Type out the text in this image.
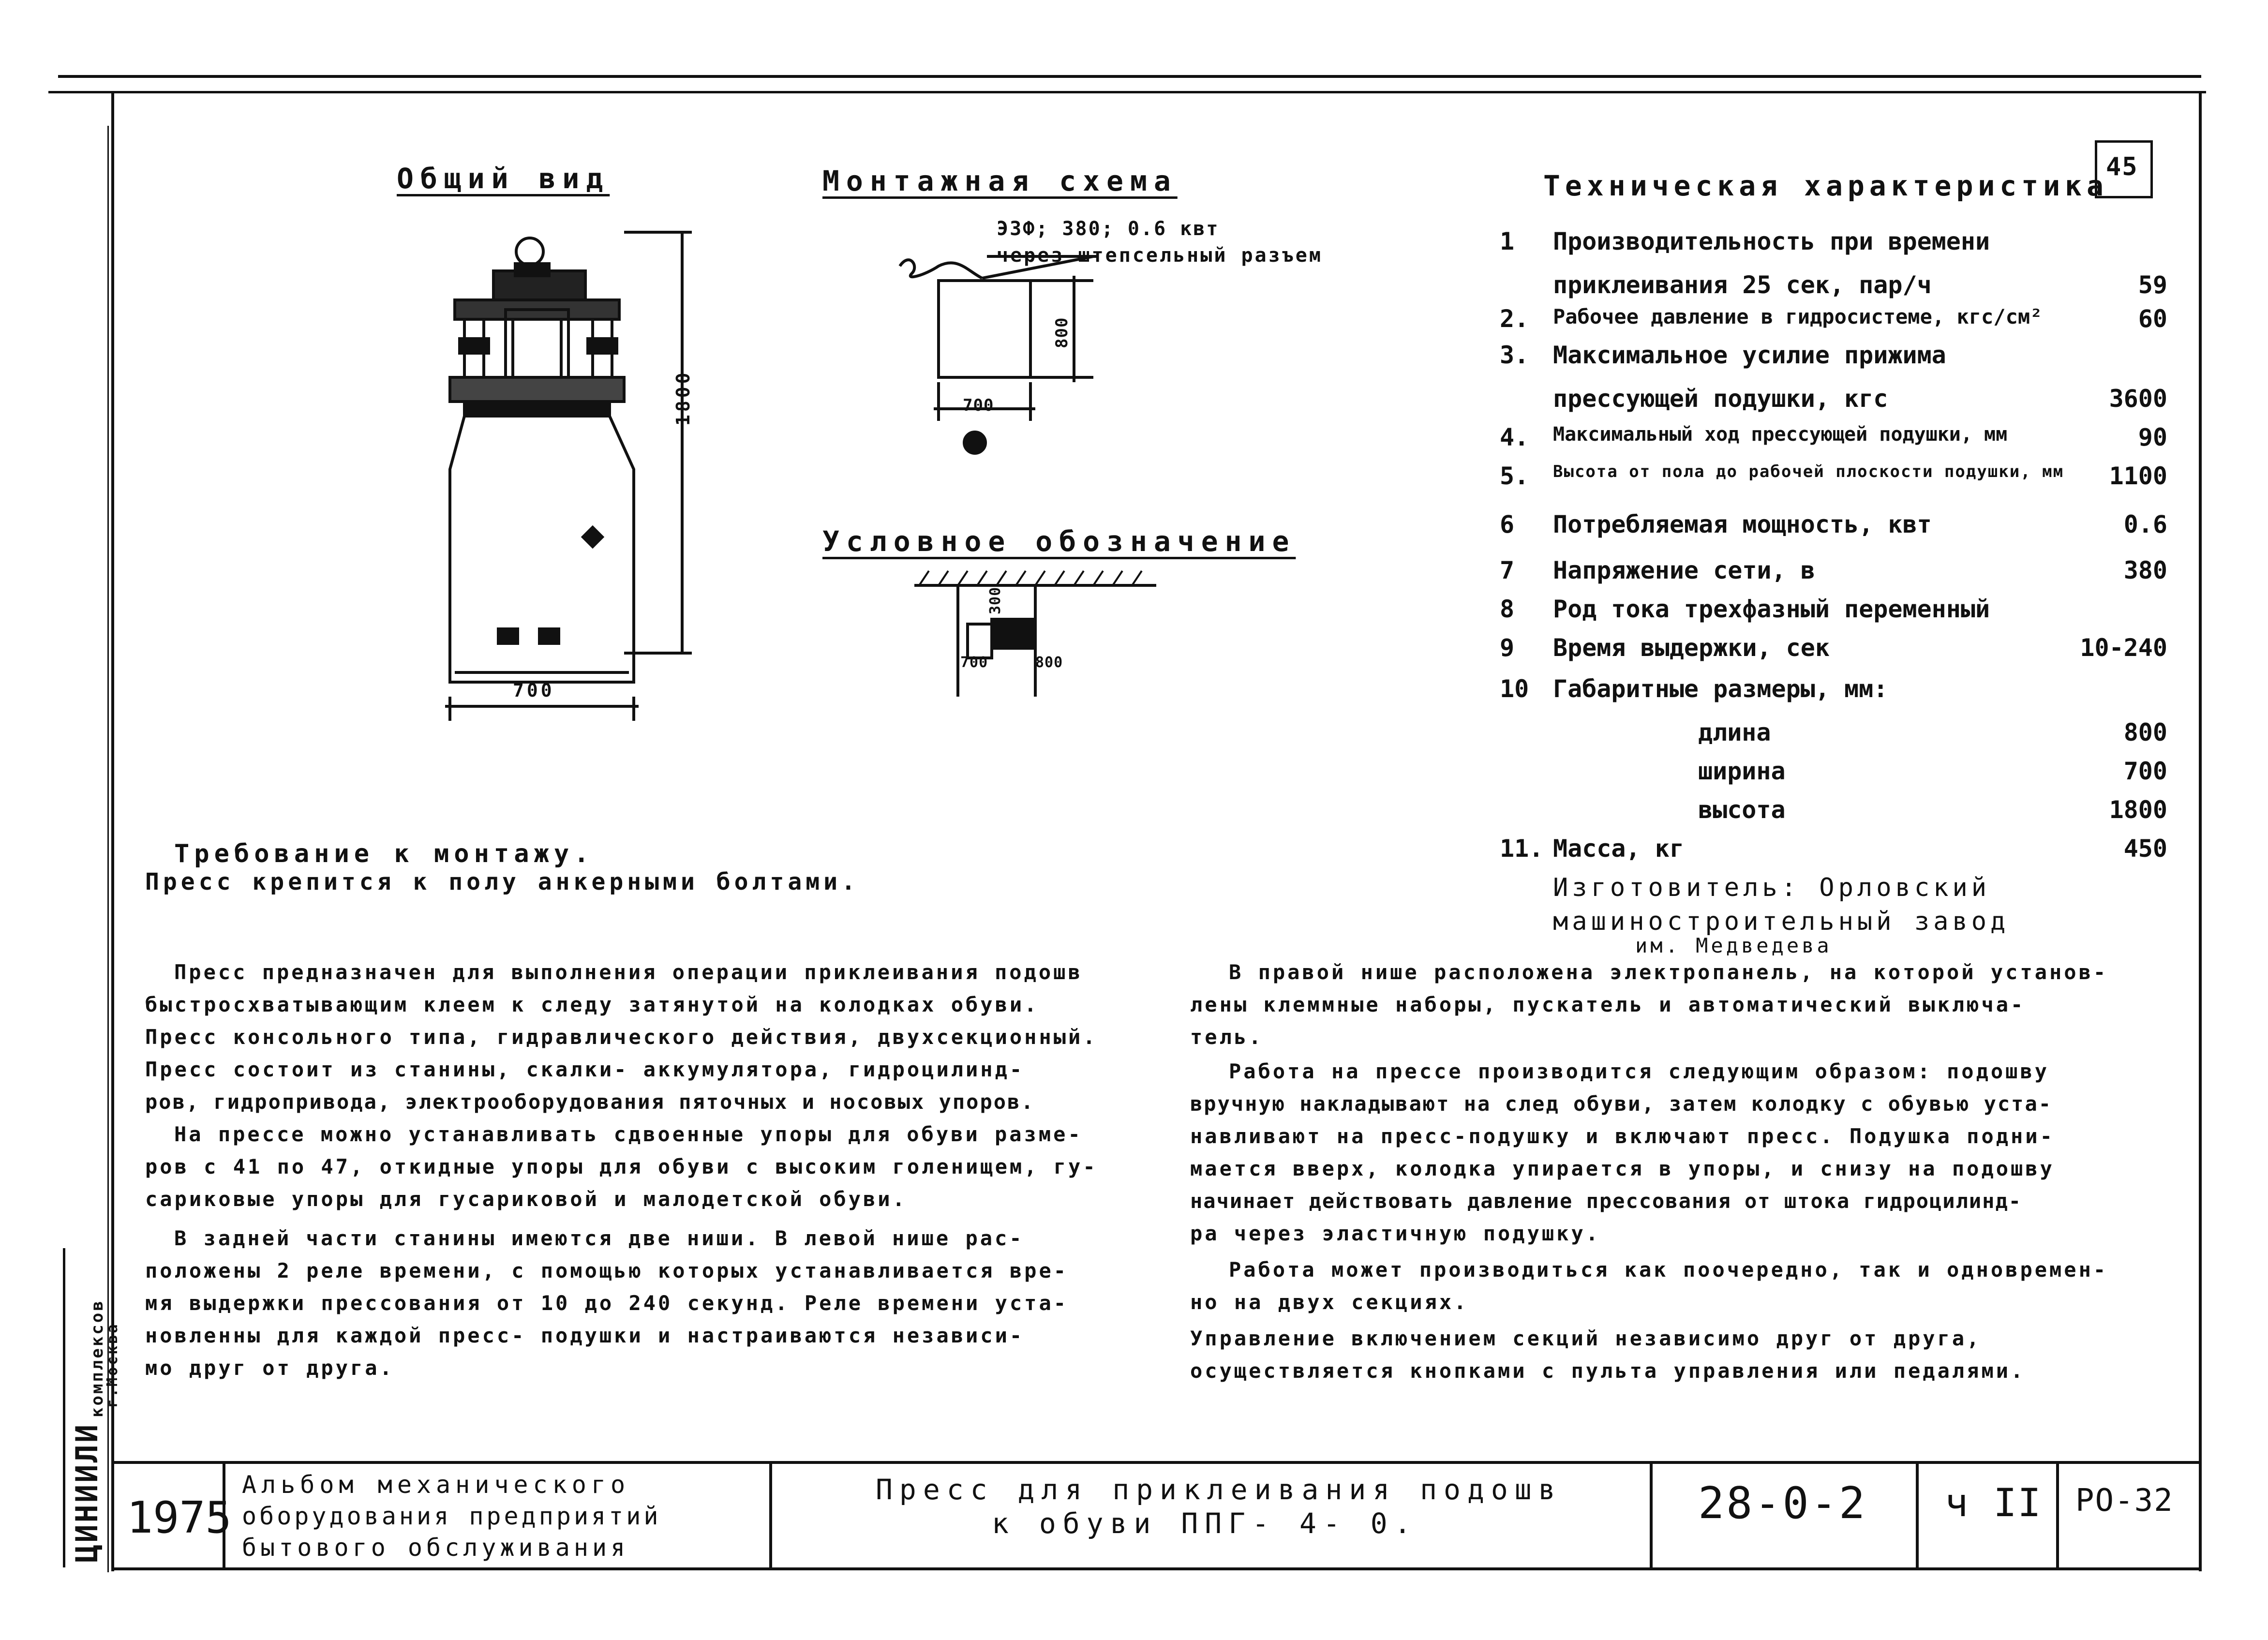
45
Общий вид
1800
700
Монтажная схема
ЭЗФ; 380; 0.6 квт
через штепсельный разъем
800
700
Условное обозначение
300
700	800
Техническая характеристика
1 Производительность при времени
приклеивания 25 сек, пар/ч	59
2. Рабочее давление в гидросистеме, кгс/см²	60
3. Максимальное усилие прижима
прессующей подушки, кгс	3600
4. Максимальный ход прессующей подушки, мм	90
5. Высота от пола до рабочей плоскости подушки, мм 1100
6 Потребляемая мощность, квт	0.6
7 Напряжение сети, в	380
8 Род тока трехфазный переменный
9 Время выдержки, сек	10-240
10 Габаритные размеры, мм:
длина	800
ширина	700
высота	1800
11. Масса, кг	450
Изготовитель: Орловский
машиностроительный завод
им. Медведева
Требование к монтажу.
Пресс крепится к полу анкерными болтами.
Пресс предназначен для выполнения операции приклеивания подошв
быстросхватывающим клеем к следу затянутой на колодках обуви.
Пресс консольного типа, гидравлического действия, двухсекционный.
Пресс состоит из станины, скалки- аккумулятора, гидроцилинд-
ров, гидропривода, электрооборудования пяточных и носовых упоров.
На прессе можно устанавливать сдвоенные упоры для обуви разме-
ров с 41 по 47, откидные упоры для обуви с высоким голенищем, гу-
сариковые упоры для гусариковой и малодетской обуви.
В задней части станины имеются две ниши. В левой нише рас-
положены 2 реле времени, с помощью которых устанавливается вре-
мя выдержки прессования от 10 до 240 секунд. Реле времени уста-
новленны для каждой пресс- подушки и настраиваются независи-
мо друг от друга.
В правой нише расположена электропанель, на которой установ-
лены клеммные наборы, пускатель и автоматический выключа-
тель.
Работа на прессе производится следующим образом: подошву
вручную накладывают на след обуви, затем колодку с обувью уста-
навливают на пресс-подушку и включают пресс. Подушка подни-
мается вверх, колодка упирается в упоры, и снизу на подошву
начинает действовать давление прессования от штока гидроцилинд-
ра через эластичную подушку.
Работа может производиться как поочередно, так и одновремен-
но на двух секциях.
Управление включением секций независимо друг от друга,
осуществляется кнопками с пульта управления или педалями.
ЦИНИИЛИ
комплексов
г.Москва
1975
Альбом механического
оборудования предприятий
бытового обслуживания
Пресс для приклеивания подошв
к обуви ППГ- 4- 0.	28-0-2 ч II РО-32
